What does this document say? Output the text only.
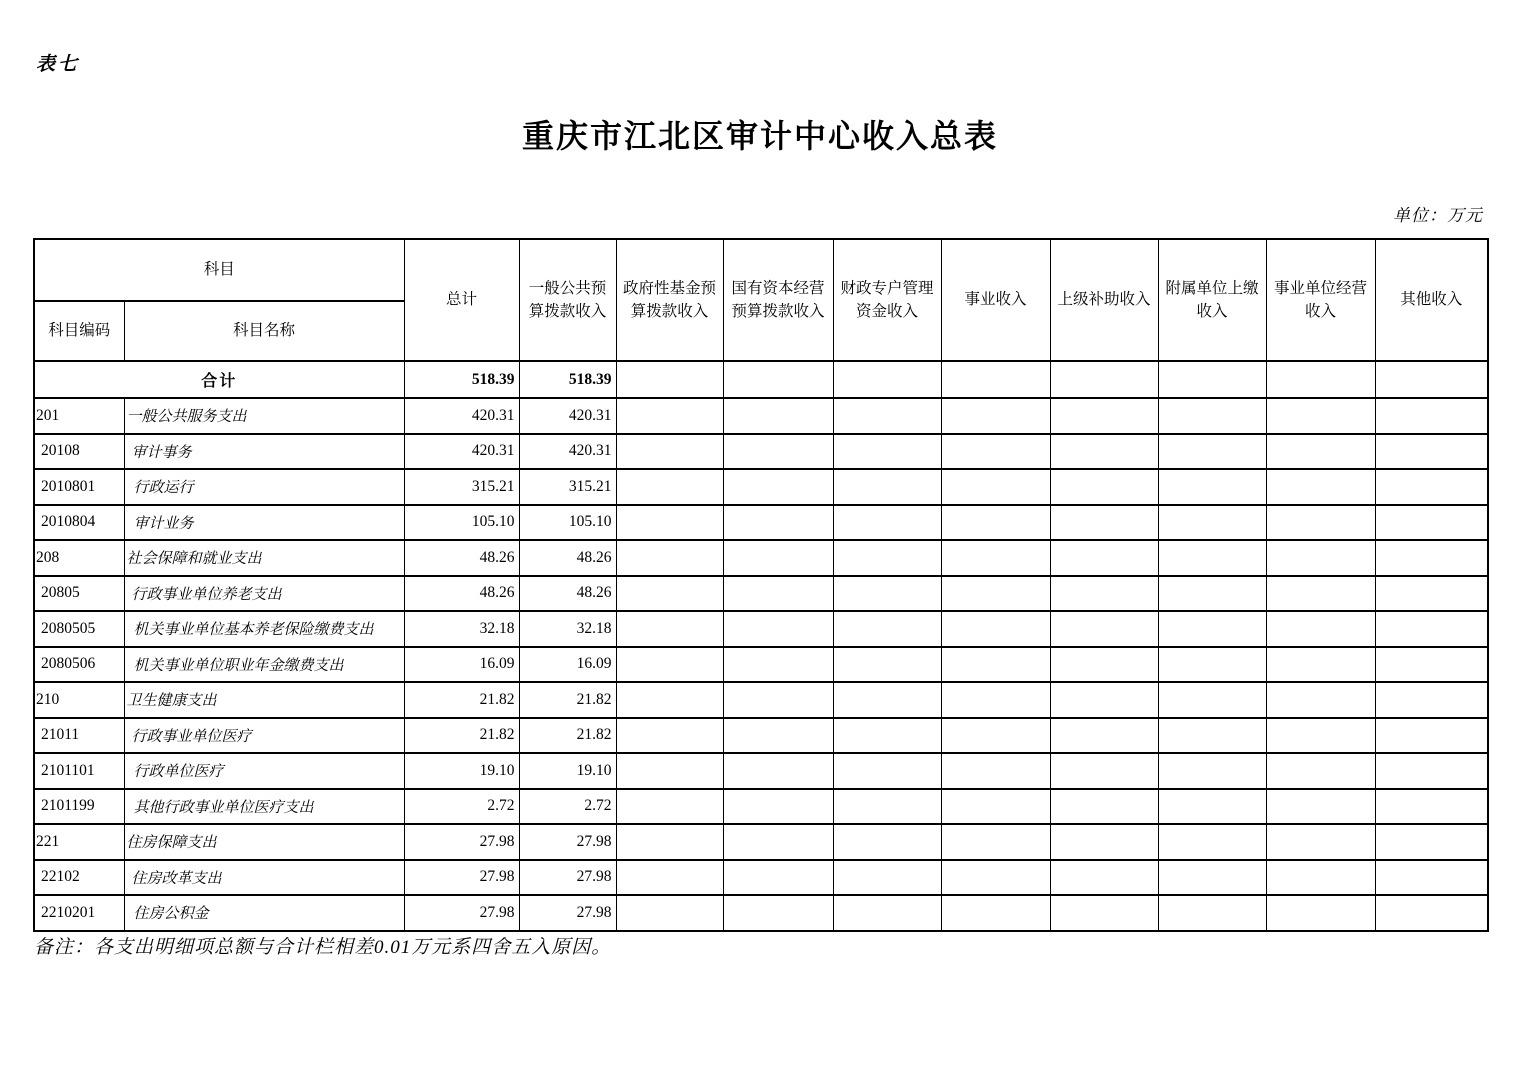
表七
重庆市江北区审计中心收入总表
单位：万元
科目		总计	一般公共预算拨款收入	政府性基金预算拨款收入	国有资本经营预算拨款收入	财政专户管理资金收入	事业收入	上级补助收入	附属单位上缴收入	事业单位经营收入	其他收入
科目编码	科目名称										
合计		518.39	518.39								
201	一般公共服务支出	420.31	420.31								
20108	审计事务	420.31	420.31								
2010801	行政运行	315.21	315.21								
2010804	审计业务	105.10	105.10								
208	社会保障和就业支出	48.26	48.26								
20805	行政事业单位养老支出	48.26	48.26								
2080505	机关事业单位基本养老保险缴费支出	32.18	32.18								
2080506	机关事业单位职业年金缴费支出	16.09	16.09								
210	卫生健康支出	21.82	21.82								
21011	行政事业单位医疗	21.82	21.82								
2101101	行政单位医疗	19.10	19.10								
2101199	其他行政事业单位医疗支出	2.72	2.72								
221	住房保障支出	27.98	27.98								
22102	住房改革支出	27.98	27.98								
2210201	住房公积金	27.98	27.98								
备注：各支出明细项总额与合计栏相差0.01万元系四舍五入原因。
